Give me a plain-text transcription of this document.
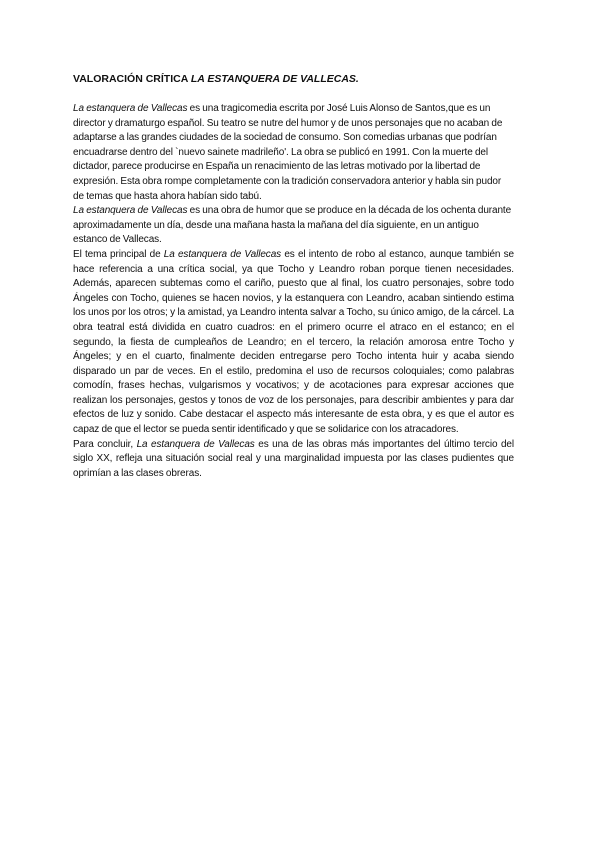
VALORACIÓN CRÍTICA LA ESTANQUERA DE VALLECAS.

La estanquera de Vallecas es una tragicomedia escrita por José Luis Alonso de Santos,que es un director y dramaturgo español. Su teatro se nutre del humor y de unos personajes que no acaban de adaptarse a las grandes ciudades de la sociedad de consumo. Son comedias urbanas que podrían encuadrarse dentro del `nuevo sainete madrileño'. La obra se publicó en 1991. Con la muerte del dictador, parece producirse en España un renacimiento de las letras motivado por la libertad de expresión. Esta obra rompe completamente con la tradición conservadora anterior y habla sin pudor de temas que hasta ahora habían sido tabú.

La estanquera de Vallecas es una obra de humor que se produce en la década de los ochenta durante aproximadamente un día, desde una mañana hasta la mañana del día siguiente, en un antiguo estanco de Vallecas.

El tema principal de La estanquera de Vallecas es el intento de robo al estanco, aunque también se hace referencia a una crítica social, ya que Tocho y Leandro roban porque tienen necesidades. Además, aparecen subtemas como el cariño, puesto que al final, los cuatro personajes, sobre todo Ángeles con Tocho, quienes se hacen novios, y la estanquera con Leandro, acaban sintiendo estima los unos por los otros; y la amistad, ya Leandro intenta salvar a Tocho, su único amigo, de la cárcel. La obra teatral está dividida en cuatro cuadros: en el primero ocurre el atraco en el estanco; en el segundo, la fiesta de cumpleaños de Leandro; en el tercero, la relación amorosa entre Tocho y Ángeles; y en el cuarto, finalmente deciden entregarse pero Tocho intenta huir y acaba siendo disparado un par de veces. En el estilo, predomina el uso de recursos coloquiales; como palabras comodín, frases hechas, vulgarismos y vocativos; y de acotaciones para expresar acciones que realizan los personajes, gestos y tonos de voz de los personajes, para describir ambientes y para dar efectos de luz y sonido. Cabe destacar el aspecto más interesante de esta obra, y es que el autor es capaz de que el lector se pueda sentir identificado y que se solidarice con los atracadores.

Para concluir, La estanquera de Vallecas es una de las obras más importantes del último tercio del siglo XX, refleja una situación social real y una marginalidad impuesta por las clases pudientes que oprimían a las clases obreras.
